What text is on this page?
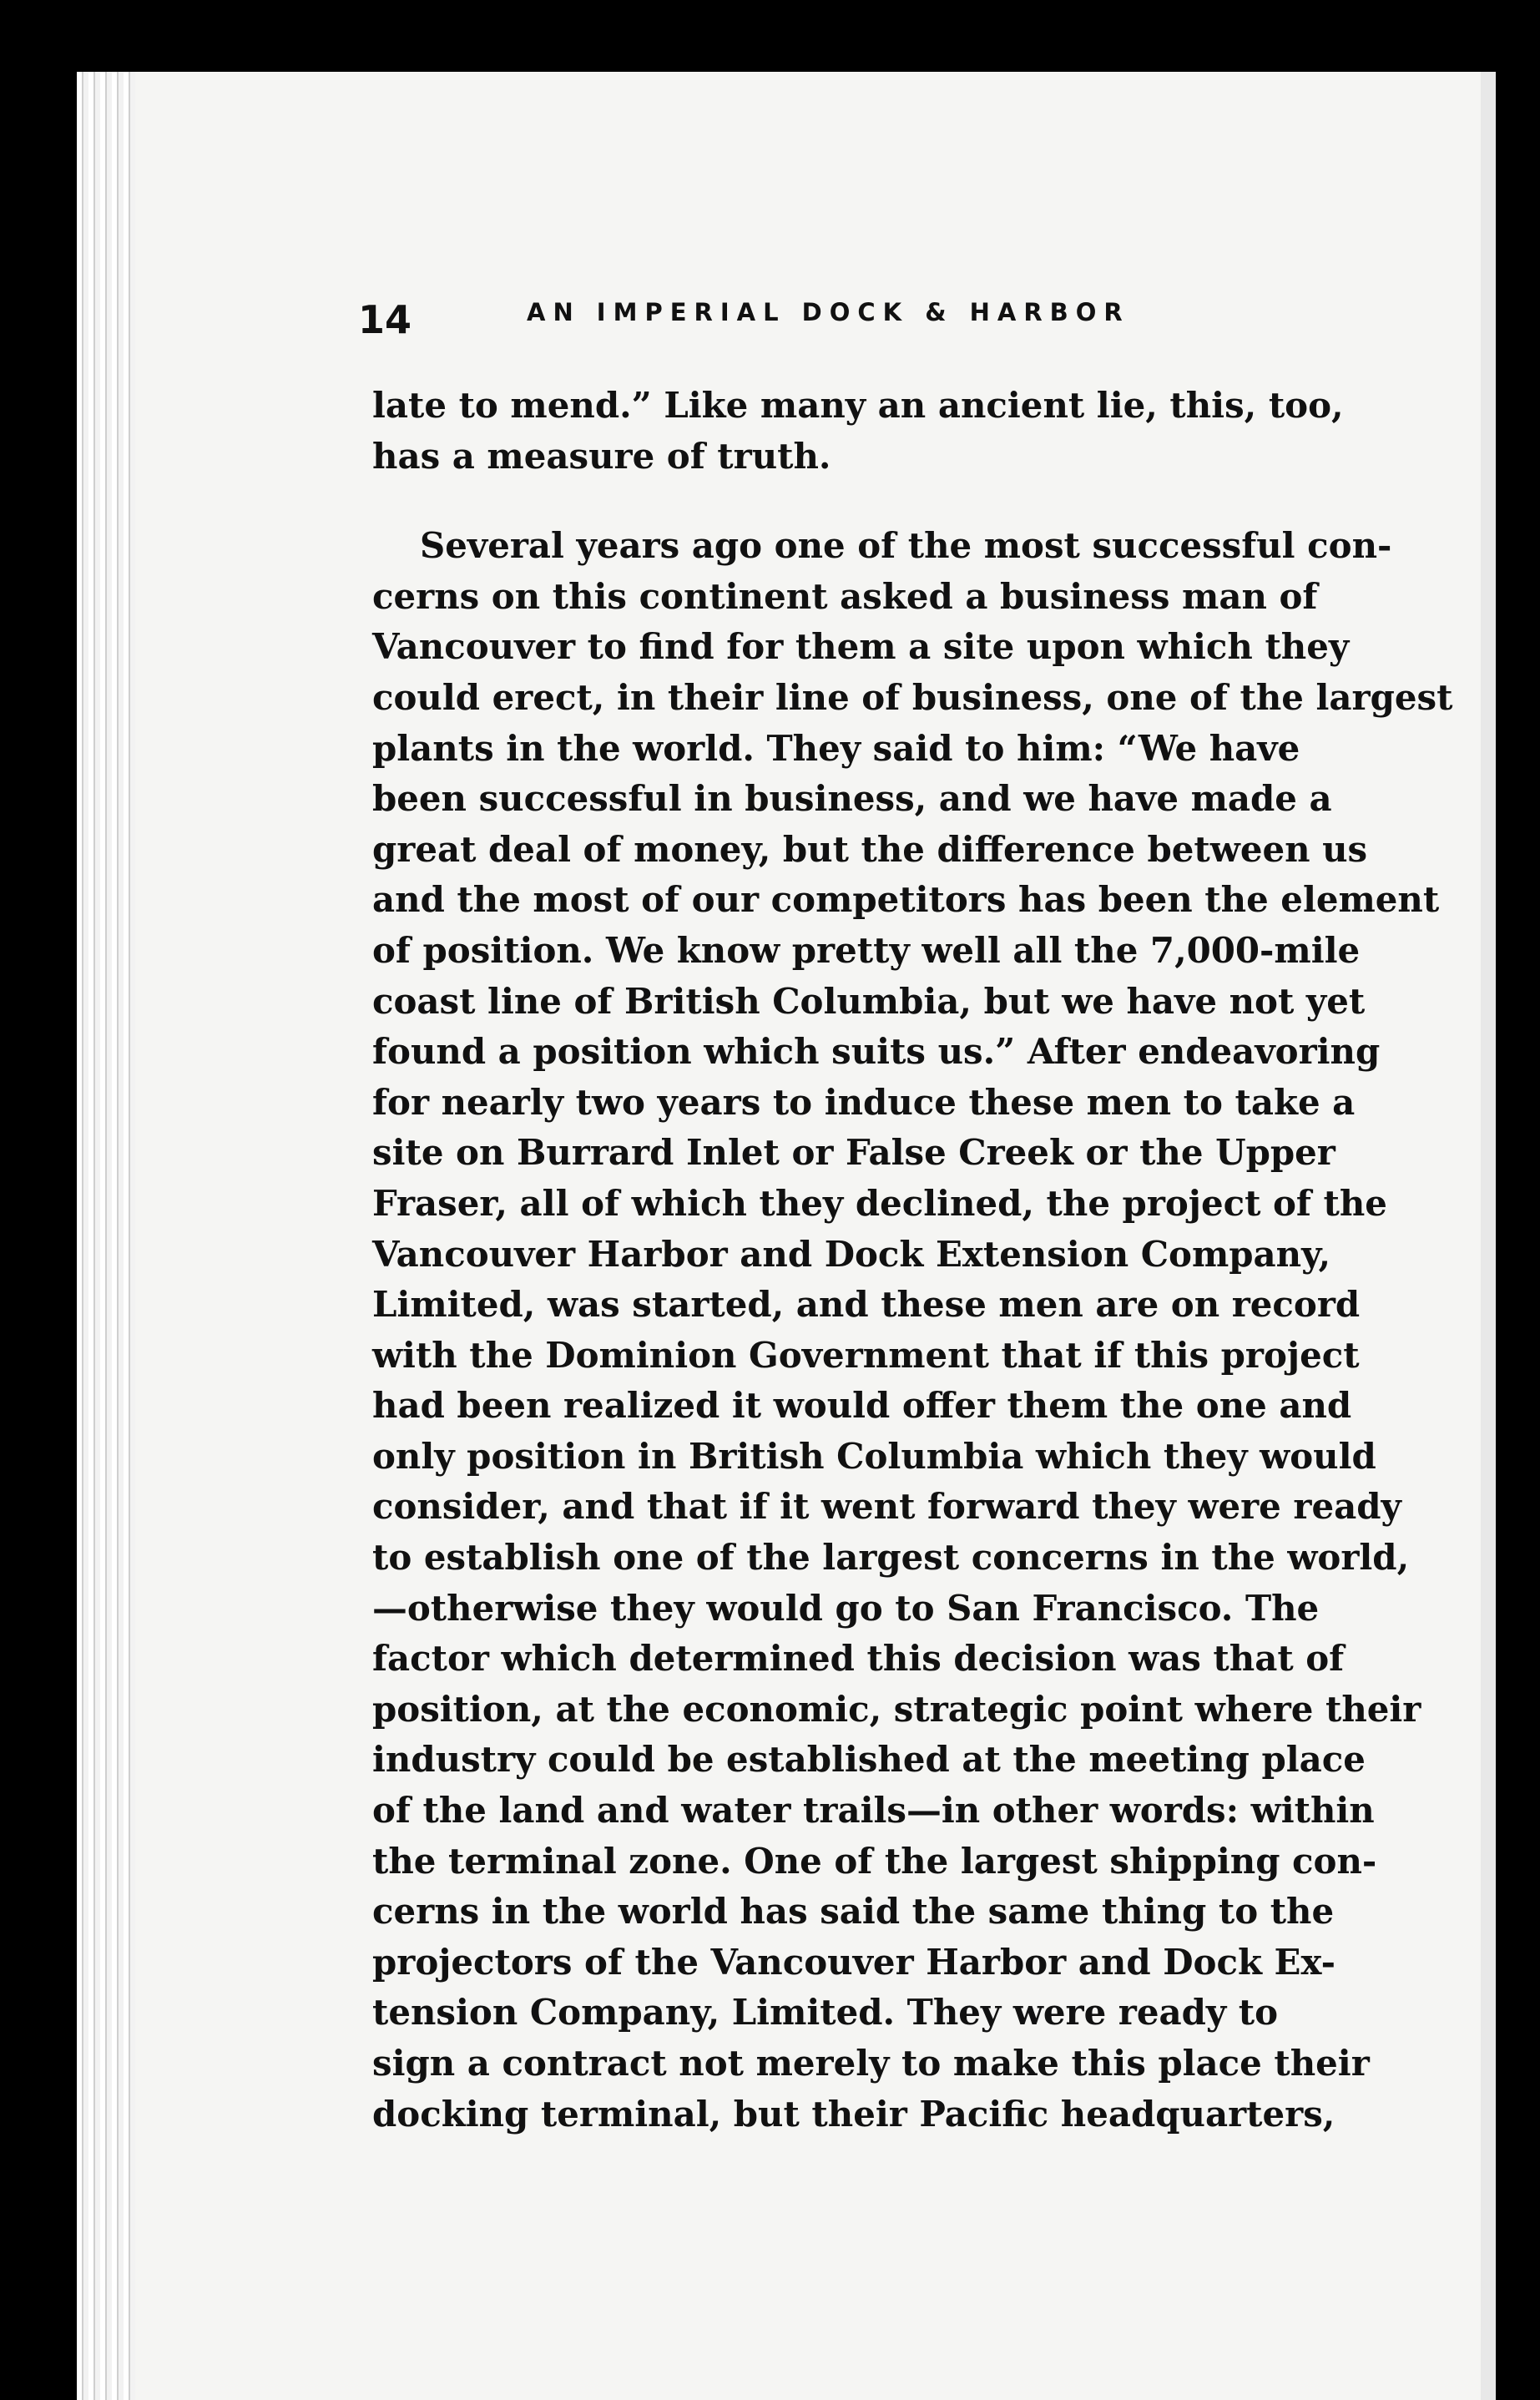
14	AN IMPERIAL DOCK & HARBOR
late to mend.” Like many an ancient lie, this, too,
has a measure of truth.
Several years ago one of the most successful con-
cerns on this continent asked a business man of
Vancouver to find for them a site upon which they
could erect, in their line of business, one of the largest
plants in the world. They said to him: “We have
been successful in business, and we have made a
great deal of money, but the difference between us
and the most of our competitors has been the element
of position. We know pretty well all the 7,000-mile
coast line of British Columbia, but we have not yet
found a position which suits us.” After endeavoring
for nearly two years to induce these men to take a
site on Burrard Inlet or False Creek or the Upper
Fraser, all of which they declined, the project of the
Vancouver Harbor and Dock Extension Company,
Limited, was started, and these men are on record
with the Dominion Government that if this project
had been realized it would offer them the one and
only position in British Columbia which they would
consider, and that if it went forward they were ready
to establish one of the largest concerns in the world,
—otherwise they would go to San Francisco. The
factor which determined this decision was that of
position, at the economic, strategic point where their
industry could be established at the meeting place
of the land and water trails—in other words: within
the terminal zone. One of the largest shipping con-
cerns in the world has said the same thing to the
projectors of the Vancouver Harbor and Dock Ex-
tension Company, Limited. They were ready to
sign a contract not merely to make this place their
docking terminal, but their Pacific headquarters,
